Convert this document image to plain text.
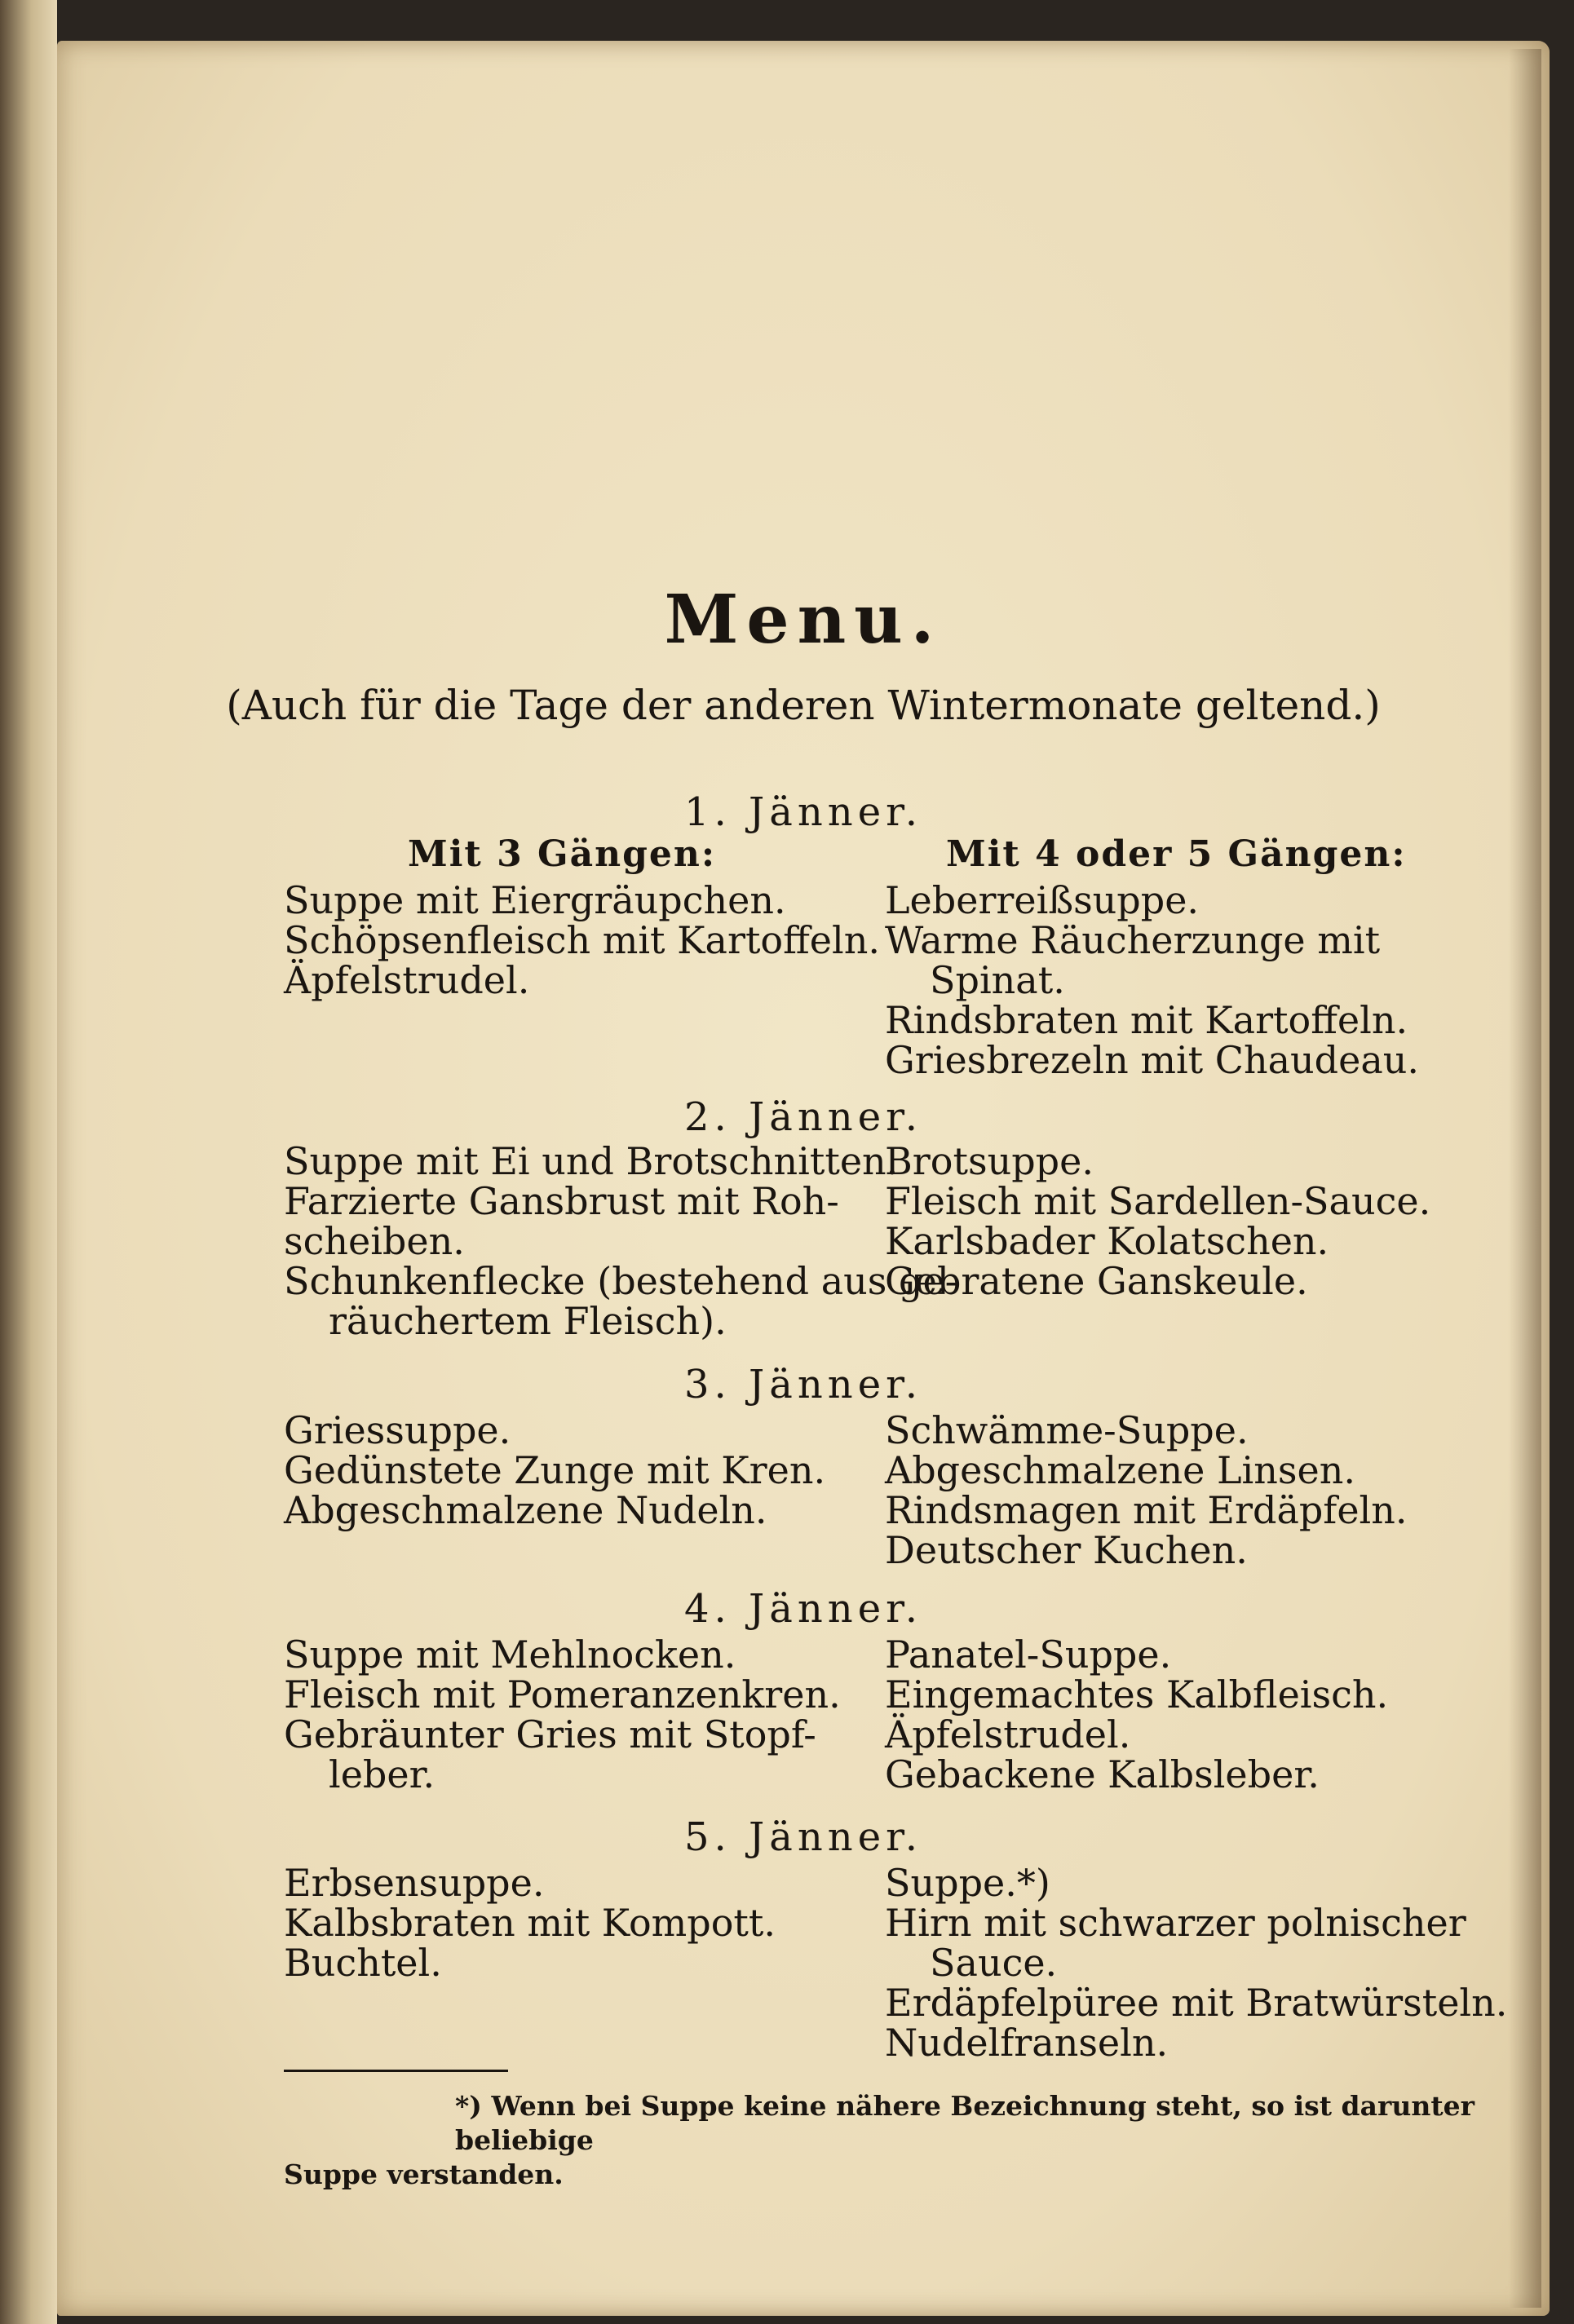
Menu.
(Auch für die Tage der anderen Wintermonate geltend.)
1. Jänner.
Mit 3 Gängen:	Mit 4 oder 5 Gängen:
Suppe mit Eiergräupchen.
Schöpsenfleisch mit Kartoffeln.
Äpfelstrudel.
Leberreißsuppe.
Warme Räucherzunge mit
Spinat.
Rindsbraten mit Kartoffeln.
Griesbrezeln mit Chaudeau.
2. Jänner.
Suppe mit Ei und Brotschnitten.
Farzierte Gansbrust mit Roh-
scheiben.
Schunkenflecke (bestehend aus ge-
räuchertem Fleisch).
Brotsuppe.
Fleisch mit Sardellen-Sauce.
Karlsbader Kolatschen.
Gebratene Ganskeule.
3. Jänner.
Griessuppe.
Gedünstete Zunge mit Kren.
Abgeschmalzene Nudeln.
Schwämme-Suppe.
Abgeschmalzene Linsen.
Rindsmagen mit Erdäpfeln.
Deutscher Kuchen.
4. Jänner.
Suppe mit Mehlnocken.
Fleisch mit Pomeranzenkren.
Gebräunter Gries mit Stopf-
leber.
Panatel-Suppe.
Eingemachtes Kalbfleisch.
Äpfelstrudel.
Gebackene Kalbsleber.
5. Jänner.
Erbsensuppe.
Kalbsbraten mit Kompott.
Buchtel.
Suppe.*)
Hirn mit schwarzer polnischer
Sauce.
Erdäpfelpüree mit Bratwürsteln.
Nudelfranseln.
*) Wenn bei Suppe keine nähere Bezeichnung steht, so ist darunter beliebige
Suppe verstanden.
